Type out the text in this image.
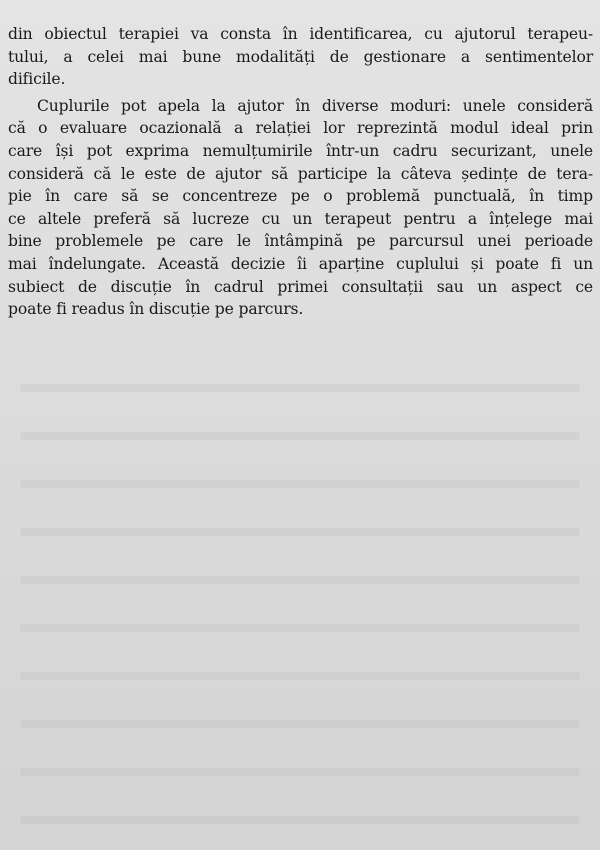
din obiectul terapiei va consta în identificarea, cu ajutorul terapeu-
tului, a celei mai bune modalități de gestionare a sentimentelor
dificile.
Cuplurile pot apela la ajutor în diverse moduri: unele consideră
că o evaluare ocazională a relației lor reprezintă modul ideal prin
care își pot exprima nemulțumirile într-un cadru securizant, unele
consideră că le este de ajutor să participe la câteva ședințe de tera-
pie în care să se concentreze pe o problemă punctuală, în timp
ce altele preferă să lucreze cu un terapeut pentru a înțelege mai
bine problemele pe care le întâmpină pe parcursul unei perioade
mai îndelungate. Această decizie îi aparține cuplului și poate fi un
subiect de discuție în cadrul primei consultații sau un aspect ce
poate fi readus în discuție pe parcurs.
